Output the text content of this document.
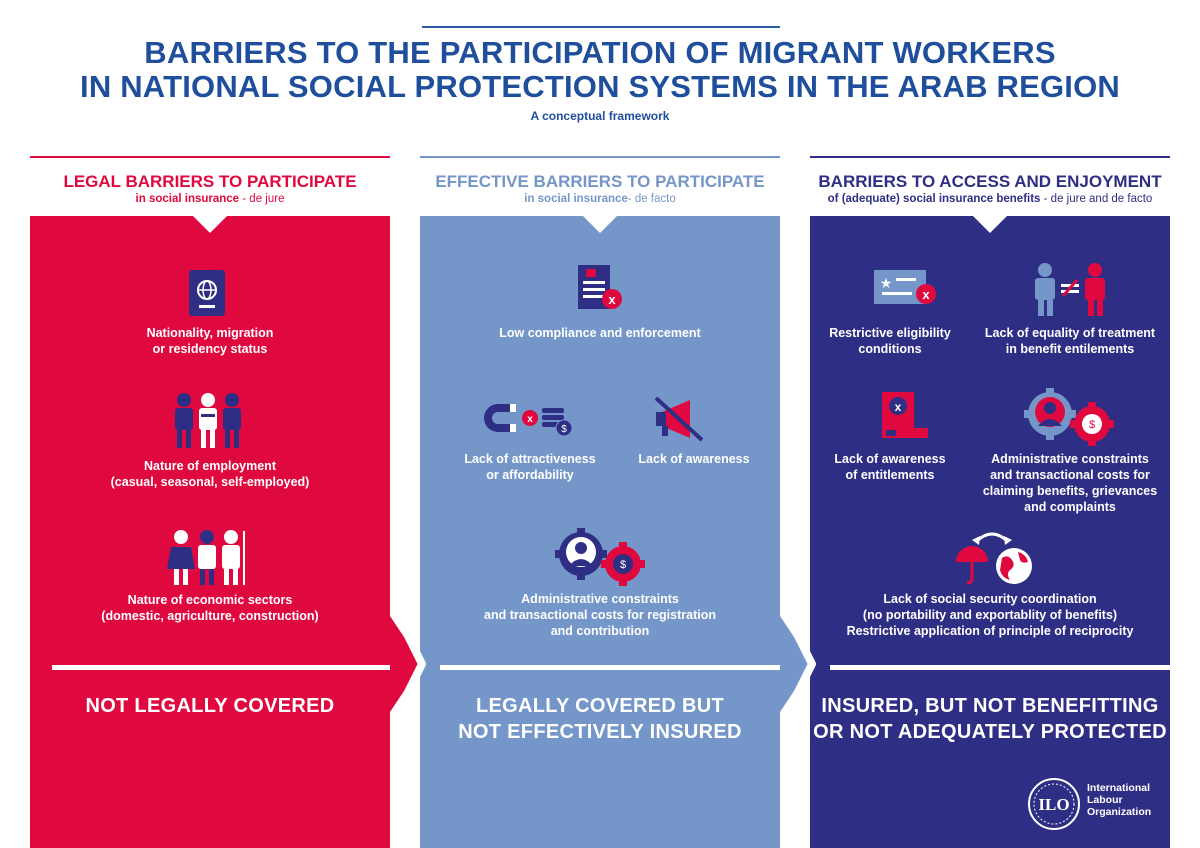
BARRIERS TO THE PARTICIPATION OF MIGRANT WORKERS
IN NATIONAL SOCIAL PROTECTION SYSTEMS IN THE ARAB REGION
A conceptual framework
LEGAL BARRIERS TO PARTICIPATE
in social insurance - de jure
EFFECTIVE BARRIERS TO PARTICIPATE
in social insurance- de facto
BARRIERS TO ACCESS AND ENJOYMENT
of (adequate) social insurance benefits - de jure and de facto
1	2	3
Nationality, migration
or residency status
Nature of employment
(casual, seasonal, self-employed)
Nature of economic sectors
(domestic, agriculture, construction)
NOT LEGALLY COVERED
x
Low compliance and enforcement
x
$
Lack of attractiveness
or affordability
Lack of awareness
$
Administrative constraints
and transactional costs for registration
and contribution
LEGALLY COVERED BUT
NOT EFFECTIVELY INSURED
★
x
Restrictive eligibility
conditions
Lack of equality of treatment
in benefit entilements
x
Lack of awareness
of entitlements
$
Administrative constraints
and transactional costs for
claiming benefits, grievances
and complaints
Lack of social security coordination
(no portability and exportablity of benefits)
Restrictive application of principle of reciprocity
INSURED, BUT NOT BENEFITTING
OR NOT ADEQUATELY PROTECTED
ILO
International
Labour
Organization
